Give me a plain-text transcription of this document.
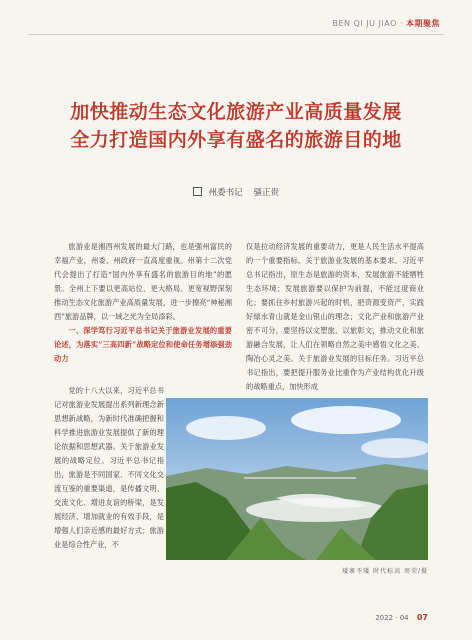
BEN QI JU JIAO · 本期聚焦
加快推动生态文化旅游产业高质量发展
全力打造国内外享有盛名的旅游目的地
州委书记 骚正贵

旅游业是湘西州发展的最大门路，也是强州富民的幸福产业，州委、州政府一直高度重视。州第十二次党代会提出了打造“国内外享有盛名的旅游目的地”的愿景。全州上下要以更高站位、更大格局、更宽视野深刻推动生态文化旅游产业高质量发展，进一步擦亮“神秘湘西”旅游品牌，以一域之光为全局添彩。

一、深学笃行习近平总书记关于旅游业发展的重要论述，为落实“三高四新”战略定位和使命任务增添强劲动力

党的十八大以来，习近平总书记对旅游业发展提出系列新理念新思想新战略，为新时代准确把握和科学推进旅游业发展提供了新的理论依据和思想武器。关于旅游业发展的战略定位。习近平总书记指出，旅游是不同国家、不同文化交流互鉴的重要渠道，是传播文明、交流文化、增进友谊的桥梁，是发展经济、增加就业的有效手段，是增强人们亲近感的最好方式；旅游业是综合性产业，不

仅是拉动经济发展的重要动力，更是人民生活水平提高的一个重要指标。关于旅游业发展的基本要求。习近平总书记指出，原生态是旅游的资本，发展旅游不能牺牲生态环境；发展旅游要以保护为前提，不能过度商业化；要抓住乡村旅游兴起的时机，把资源变资产，实践好绿水青山就是金山银山的理念；文化产业和旅游产业密不可分，要坚持以文塑旅、以旅彰文，推动文化和旅游融合发展，让人们在领略自然之美中感悟文化之美、陶冶心灵之美。关于旅游业发展的目标任务。习近平总书记指出，要把提升服务业比重作为产业结构优化升级的战略重点，加快形成

矮寨不矮 时代标高 周荣/摄
2022 · 04 07
